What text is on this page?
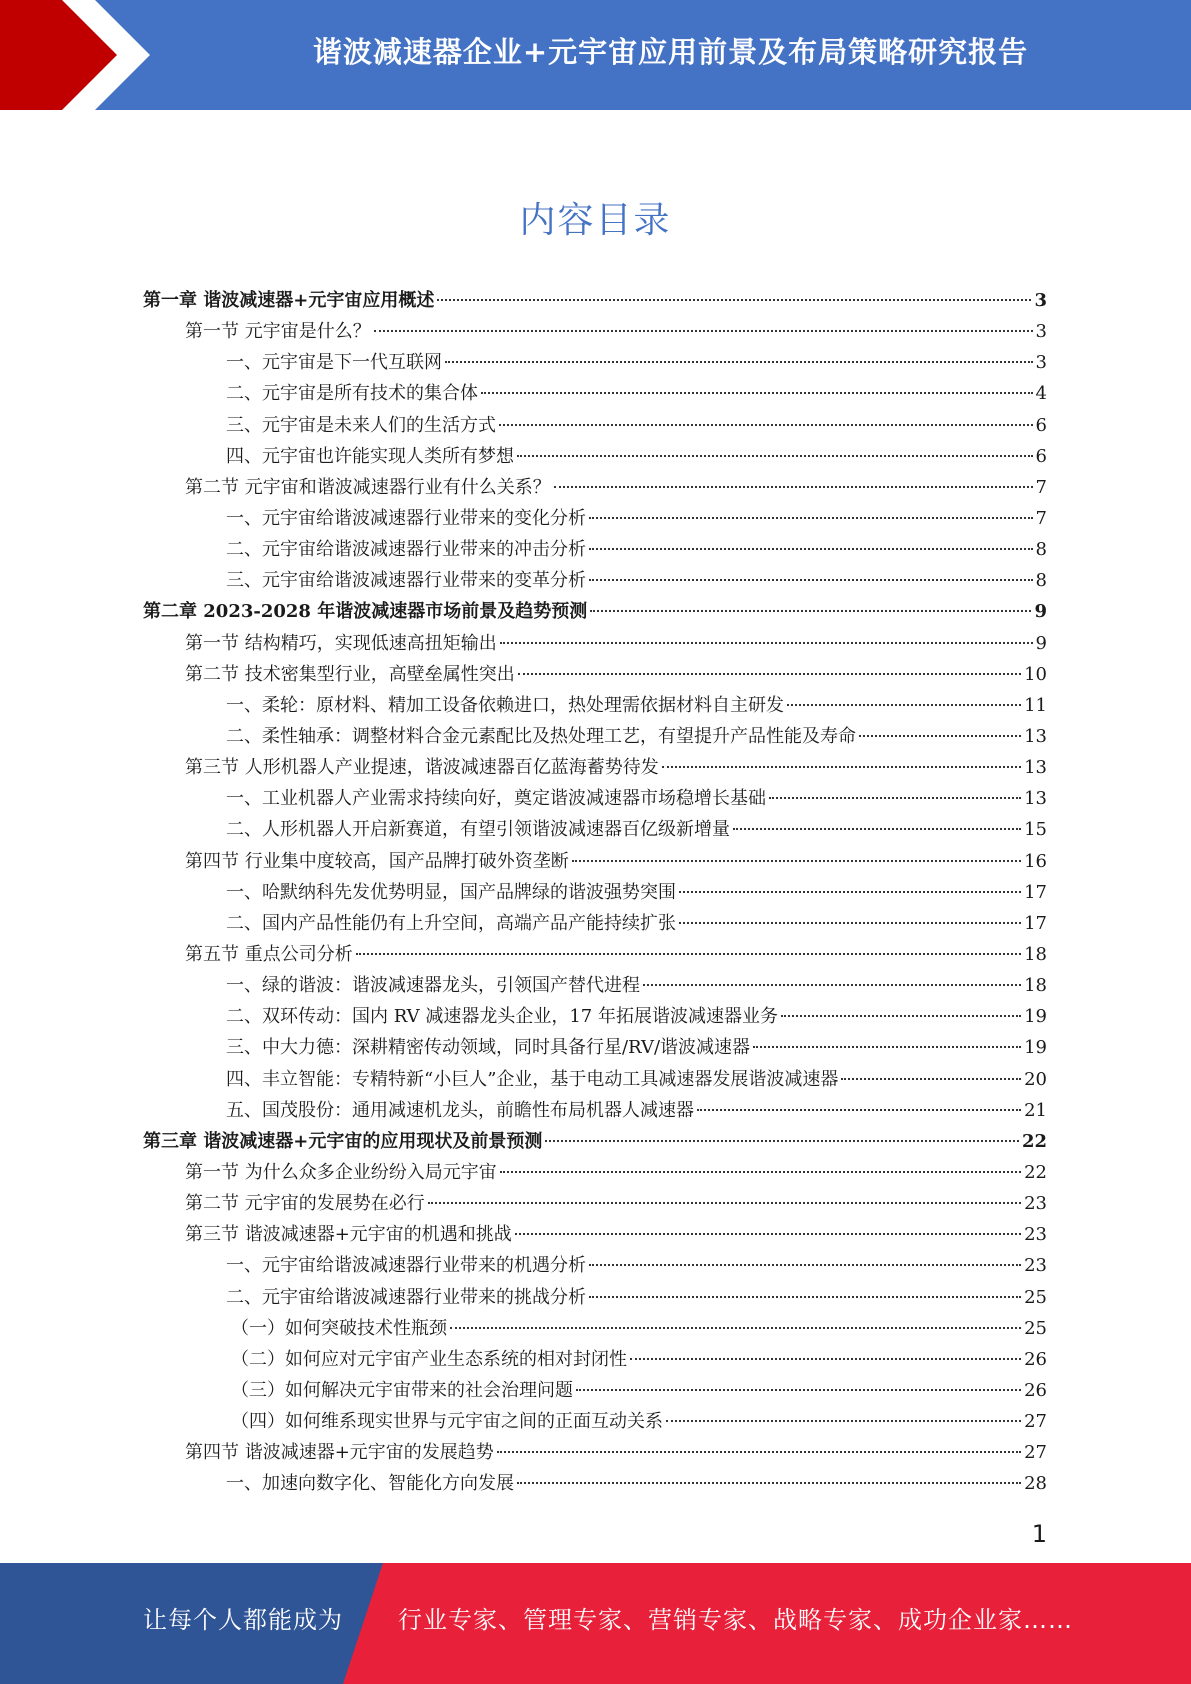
谐波减速器企业+元宇宙应用前景及布局策略研究报告
内容目录
第一章 谐波减速器+元宇宙应用概述	3
第一节 元宇宙是什么？	3
一、元宇宙是下一代互联网	3
二、元宇宙是所有技术的集合体	4
三、元宇宙是未来人们的生活方式	6
四、元宇宙也许能实现人类所有梦想	6
第二节 元宇宙和谐波减速器行业有什么关系？	7
一、元宇宙给谐波减速器行业带来的变化分析	7
二、元宇宙给谐波减速器行业带来的冲击分析	8
三、元宇宙给谐波减速器行业带来的变革分析	8
第二章 2023-2028 年谐波减速器市场前景及趋势预测	9
第一节 结构精巧，实现低速高扭矩输出	9
第二节 技术密集型行业，高壁垒属性突出	10
一、柔轮：原材料、精加工设备依赖进口，热处理需依据材料自主研发	11
二、柔性轴承：调整材料合金元素配比及热处理工艺，有望提升产品性能及寿命	13
第三节 人形机器人产业提速，谐波减速器百亿蓝海蓄势待发	13
一、工业机器人产业需求持续向好，奠定谐波减速器市场稳增长基础	13
二、人形机器人开启新赛道，有望引领谐波减速器百亿级新增量	15
第四节 行业集中度较高，国产品牌打破外资垄断	16
一、哈默纳科先发优势明显，国产品牌绿的谐波强势突围	17
二、国内产品性能仍有上升空间，高端产品产能持续扩张	17
第五节 重点公司分析	18
一、绿的谐波：谐波减速器龙头，引领国产替代进程	18
二、双环传动：国内 RV 减速器龙头企业，17 年拓展谐波减速器业务	19
三、中大力德：深耕精密传动领域，同时具备行星/RV/谐波减速器	19
四、丰立智能：专精特新“小巨人”企业，基于电动工具减速器发展谐波减速器	20
五、国茂股份：通用减速机龙头，前瞻性布局机器人减速器	21
第三章 谐波减速器+元宇宙的应用现状及前景预测	22
第一节 为什么众多企业纷纷入局元宇宙	22
第二节 元宇宙的发展势在必行	23
第三节 谐波减速器+元宇宙的机遇和挑战	23
一、元宇宙给谐波减速器行业带来的机遇分析	23
二、元宇宙给谐波减速器行业带来的挑战分析	25
（一）如何突破技术性瓶颈	25
（二）如何应对元宇宙产业生态系统的相对封闭性	26
（三）如何解决元宇宙带来的社会治理问题	26
（四）如何维系现实世界与元宇宙之间的正面互动关系	27
第四节 谐波减速器+元宇宙的发展趋势	27
一、加速向数字化、智能化方向发展	28
1
让每个人都能成为 行业专家、管理专家、营销专家、战略专家、成功企业家……
